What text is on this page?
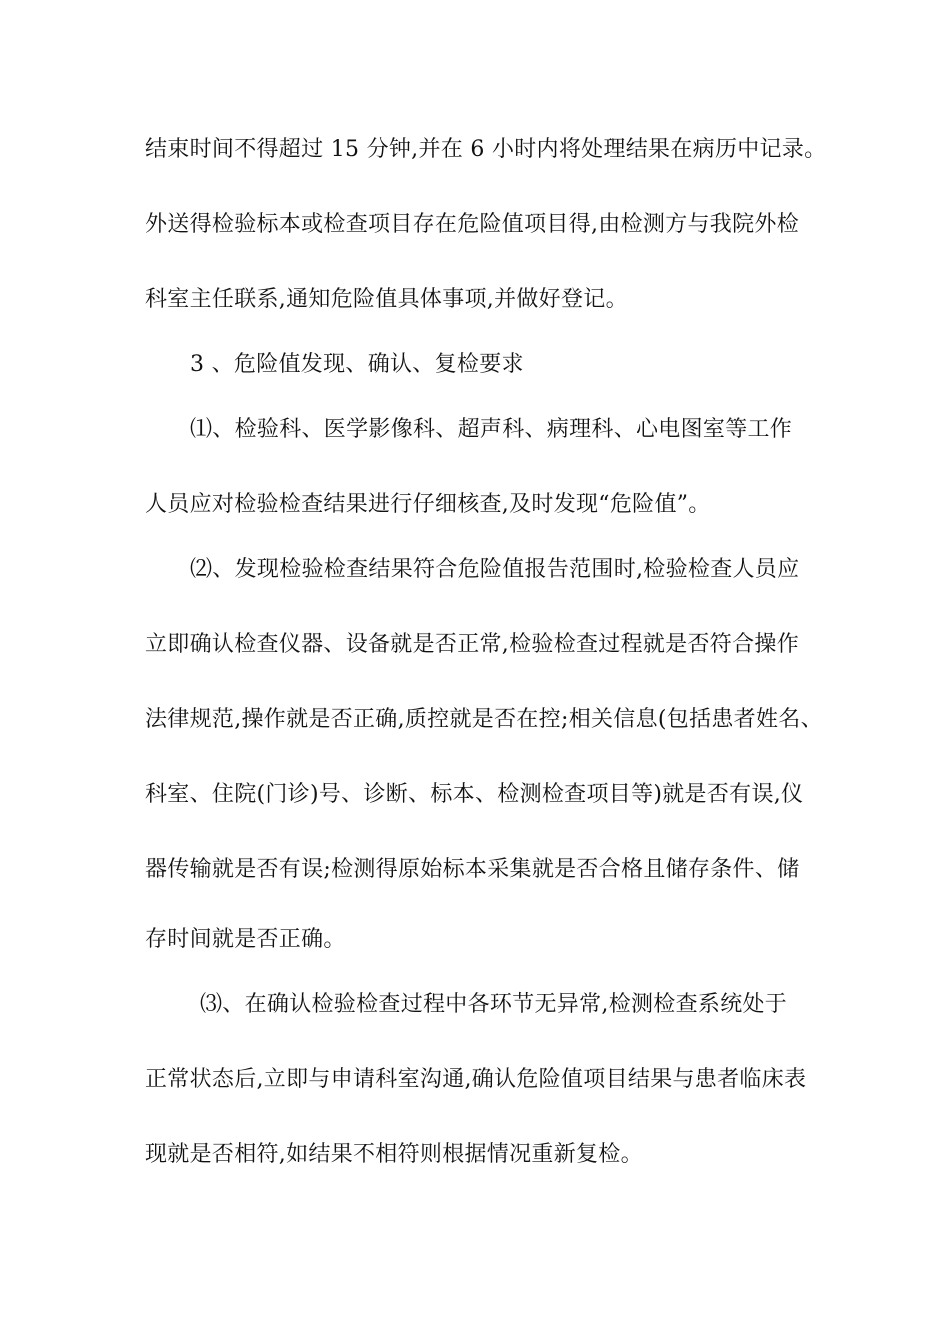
结束时间不得超过 15 分钟,并在 6 小时内将处理结果在病历中记录。
外送得检验标本或检查项目存在危险值项目得,由检测方与我院外检
科室主任联系,通知危险值具体事项,并做好登记。
3 、危险值发现、确认、复检要求
⑴、检验科、医学影像科、超声科、病理科、心电图室等工作
人员应对检验检查结果进行仔细核查,及时发现“危险值”。
⑵、发现检验检查结果符合危险值报告范围时,检验检查人员应
立即确认检查仪器、设备就是否正常,检验检查过程就是否符合操作
法律规范,操作就是否正确,质控就是否在控;相关信息(包括患者姓名、
科室、住院(门诊)号、诊断、标本、检测检查项目等)就是否有误,仪
器传输就是否有误;检测得原始标本采集就是否合格且储存条件、储
存时间就是否正确。
⑶、在确认检验检查过程中各环节无异常,检测检查系统处于
正常状态后,立即与申请科室沟通,确认危险值项目结果与患者临床表
现就是否相符,如结果不相符则根据情况重新复检。
